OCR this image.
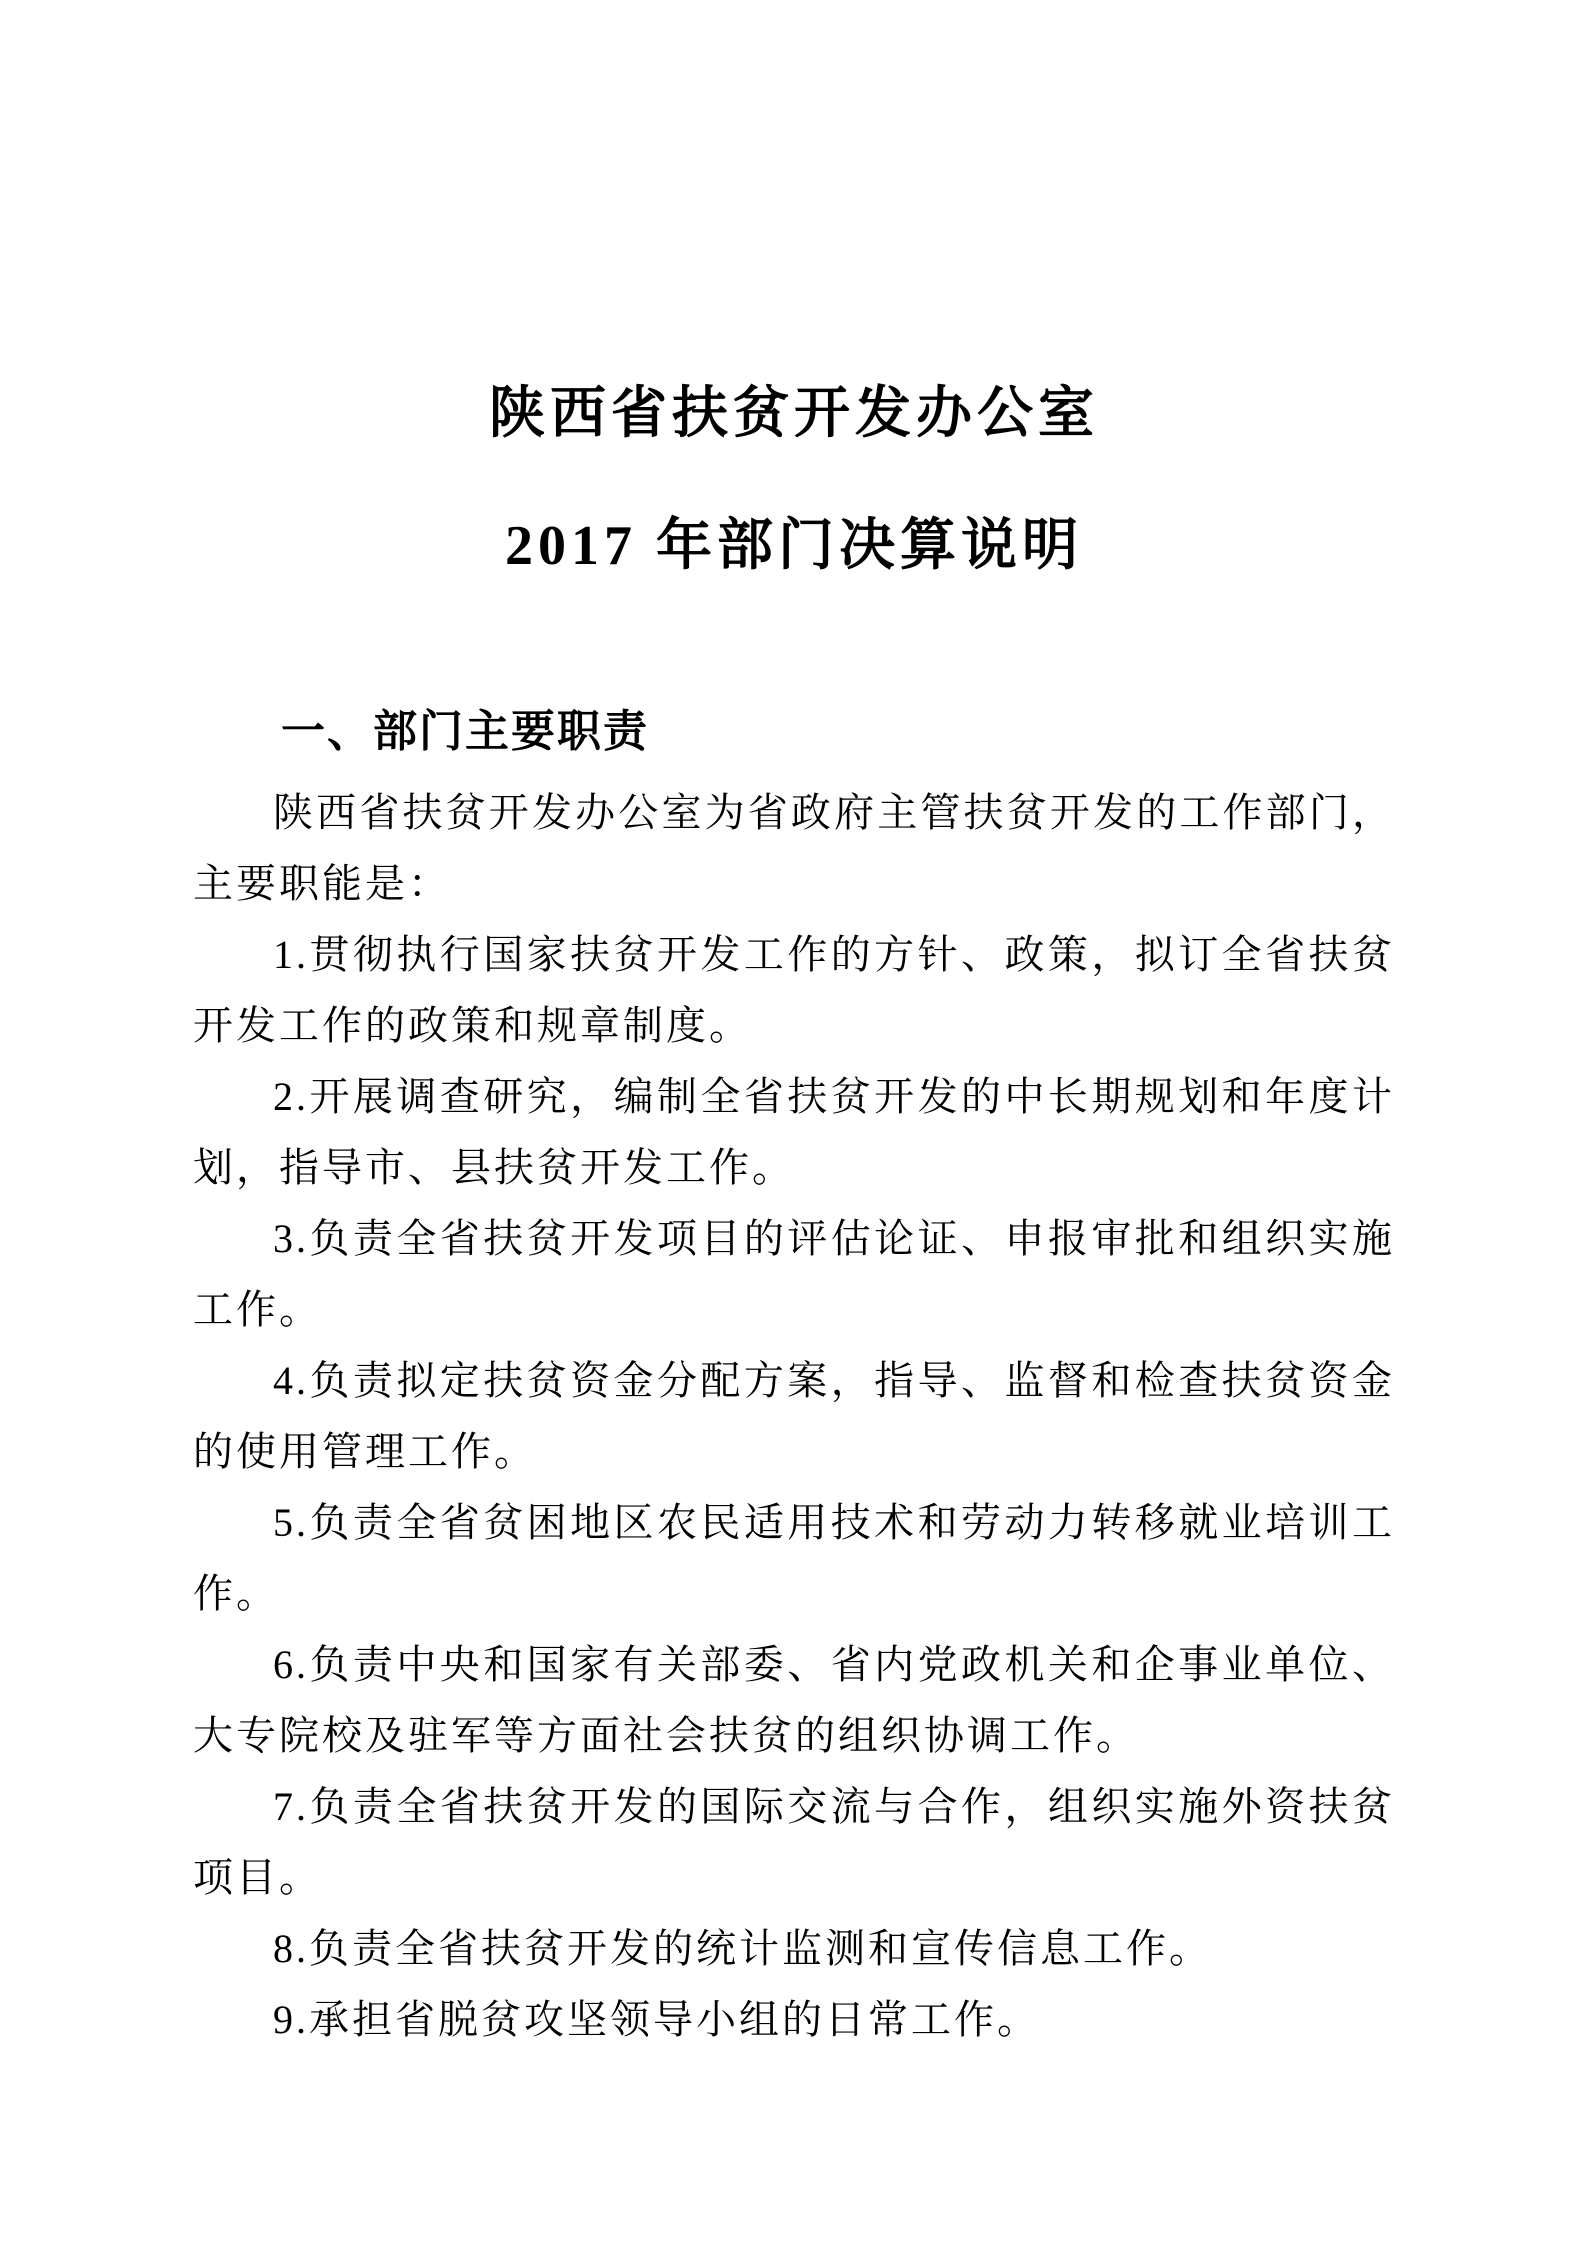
陕西省扶贫开发办公室
2017 年部门决算说明
一、部门主要职责

陕西省扶贫开发办公室为省政府主管扶贫开发的工作部门，主要职能是：

1.贯彻执行国家扶贫开发工作的方针、政策，拟订全省扶贫开发工作的政策和规章制度。

2.开展调查研究，编制全省扶贫开发的中长期规划和年度计划，指导市、县扶贫开发工作。

3.负责全省扶贫开发项目的评估论证、申报审批和组织实施工作。

4.负责拟定扶贫资金分配方案，指导、监督和检查扶贫资金的使用管理工作。

5.负责全省贫困地区农民适用技术和劳动力转移就业培训工作。

6.负责中央和国家有关部委、省内党政机关和企事业单位、大专院校及驻军等方面社会扶贫的组织协调工作。

7.负责全省扶贫开发的国际交流与合作，组织实施外资扶贫项目。

8.负责全省扶贫开发的统计监测和宣传信息工作。

9.承担省脱贫攻坚领导小组的日常工作。
